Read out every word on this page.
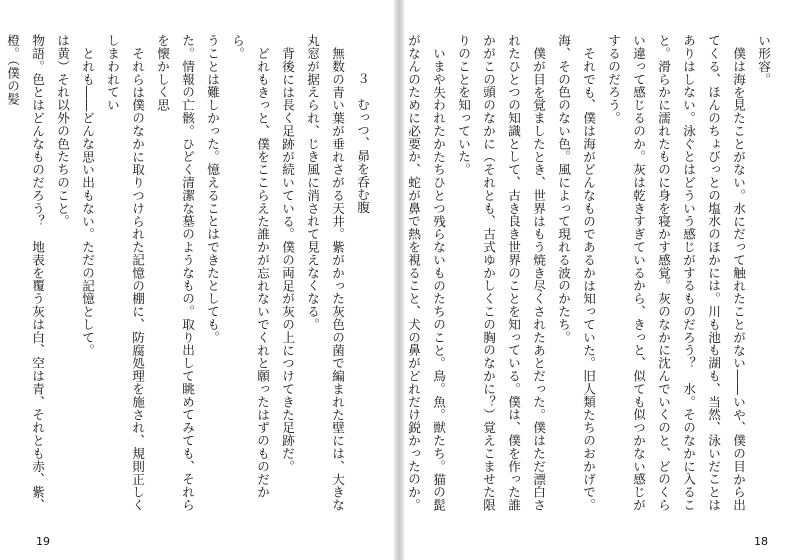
３　むっつ、昴を呑む腹

無数の青い葉が垂れさがる天井。紫がかった灰色の菌で編まれた壁には、大きな丸窓が据えられ、じき風に消されて見えなくなる。

背後には長く足跡が続いている。僕の両足が灰の上につけてきた足跡だ。

どれもきっと、僕をここらえた誰かが忘れないでくれと願ったはずのものだから。

うことは難しかった。憶えることはできたとしても。

た。情報の亡骸。ひどく清潔な墓のようなもの。取り出して眺めてみても、それらを懐かしく思

それらは僕のなかに取りつけられた記憶の棚に、防腐処理を施され、規則正しくしまわれてい

とれも――どんな思い出もない。ただの記憶として。

は黄）それ以外の色たちのこと。

物語。色とはどんなものだろう？　地表を覆う灰は白、空は青、それとも赤、紫、橙。（僕の髪

19

い形容。

僕は海を見たことがない。水にだって触れたことがない――いや、僕の目から出てくる、ほんのちょびっとの塩水のほかには。川も池も湖も、当然、泳いだことはありはしない。泳ぐとはどういう感じがするものだろう？　水。そのなかに入ること。滑らかに濡れたものに身を寝かす感覚。灰のなかに沈んでいくのと、どのくらい違って感じるのか。灰は乾きすぎているから、きっと、似ても似つかない感じがするのだろう。

それでも、僕は海がどんなものであるかは知っていた。旧人類たちのおかげで。海、その色のない色。風によって現れる波のかたち。

僕が目を覚ましたとき、世界はもう焼き尽くされたあとだった。僕はただ漂白されたひとつの知識として、古き良き世界のことを知っている。僕は、僕を作った誰かがこの頭のなかに（それとも、古式ゆかしくこの胸のなかに？）覚えこませた限りのことを知っていた。

いまや失われたかたちひとつ残らないものたちのこと。鳥。魚。獣たち。猫の髭がなんのために必要か、蛇が鼻で熱を視ること、犬の鼻がどれだけ鋭かったのか。

18
